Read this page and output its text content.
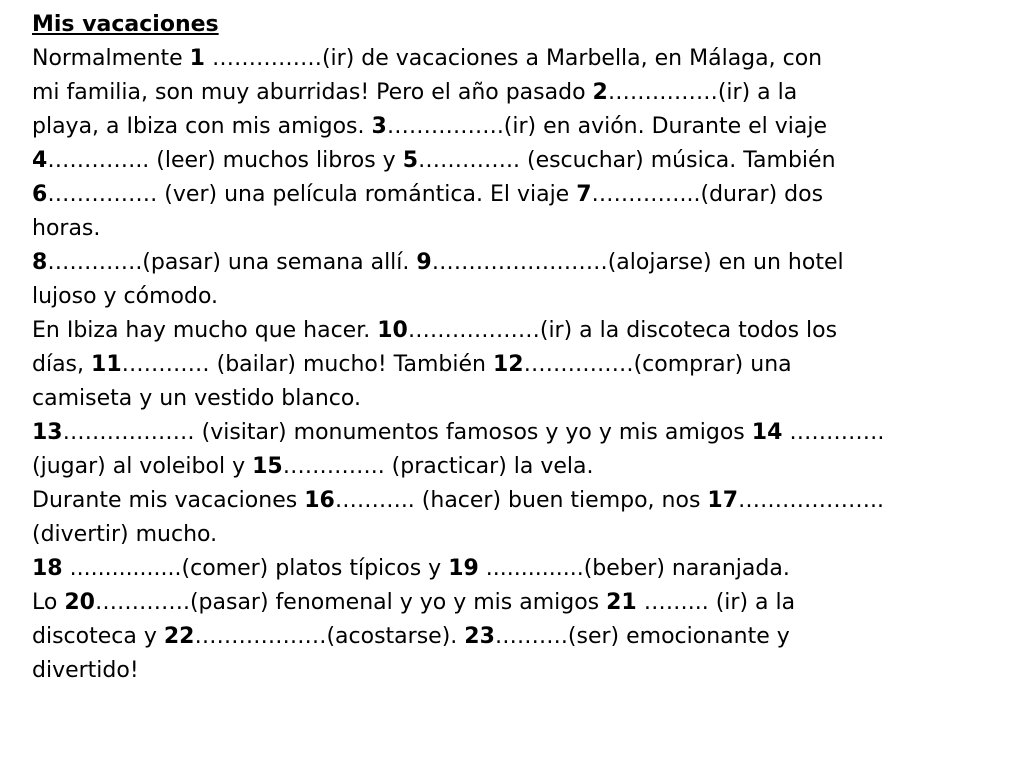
Mis vacaciones
Normalmente 1 ……………(ir) de vacaciones a Marbella, en Málaga, con
mi familia, son muy aburridas! Pero el año pasado 2……………(ir) a la
playa, a Ibiza con mis amigos. 3…………….(ir) en avión. Durante el viaje
4………….. (leer) muchos libros y 5………….. (escuchar) música. También
6…………… (ver) una película romántica. El viaje 7…………...(durar) dos
horas.
8………….(pasar) una semana allí. 9……………………(alojarse) en un hotel
lujoso y cómodo.
En Ibiza hay mucho que hacer. 10………………(ir) a la discoteca todos los
días, 11………… (bailar) mucho! También 12……………(comprar) una
camiseta y un vestido blanco.
13……………… (visitar) monumentos famosos y yo y mis amigos 14 ………….
(jugar) al voleibol y 15………….. (practicar) la vela.
Durante mis vacaciones 16……….. (hacer) buen tiempo, nos 17………………..
(divertir) mucho.
18 ................(comer) platos típicos y 19 ..............(beber) naranjada.
Lo 20………….(pasar) fenomenal y yo y mis amigos 21 ……... (ir) a la
discoteca y 22………………(acostarse). 23……….(ser) emocionante y
divertido!
